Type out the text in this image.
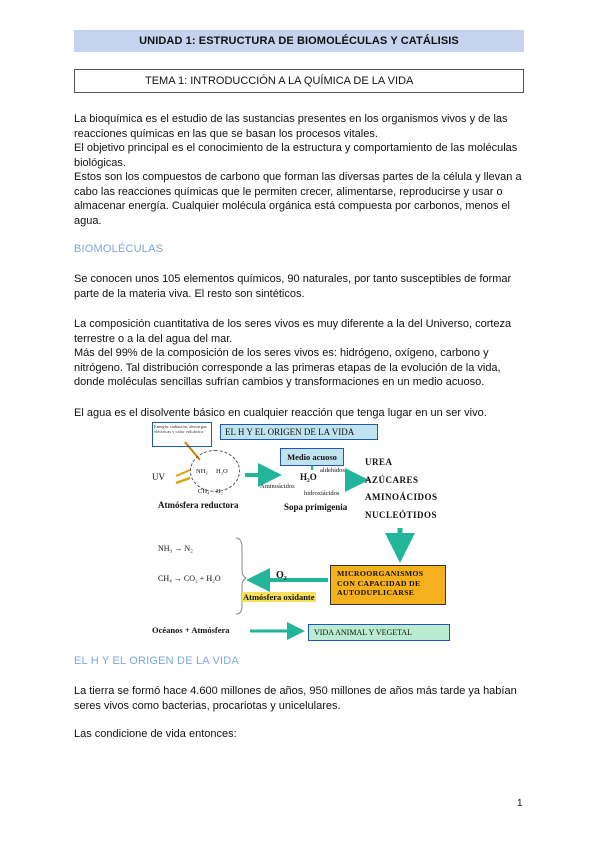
UNIDAD 1: ESTRUCTURA DE BIOMOLÉCULAS Y CATÁLISIS
TEMA 1: INTRODUCCIÓN A LA QUÍMICA DE LA VIDA

La bioquímica es el estudio de las sustancias presentes en los organismos vivos y de las reacciones químicas en las que se basan los procesos vitales.

El objetivo principal es el conocimiento de la estructura y comportamiento de las moléculas biológicas.

Estos son los compuestos de carbono que forman las diversas partes de la célula y llevan a cabo las reacciones químicas que le permiten crecer, alimentarse, reproducirse y usar o almacenar energía. Cualquier molécula orgánica está compuesta por carbonos, menos el agua.

BIOMOLÉCULAS

Se conocen unos 105 elementos químicos, 90 naturales, por tanto susceptibles de formar parte de la materia viva. El resto son sintéticos.

La composición cuantitativa de los seres vivos es muy diferente a la del Universo, corteza terrestre o a la del agua del mar.

Más del 99% de la composición de los seres vivos es: hidrógeno, oxígeno, carbono y nitrógeno. Tal distribución corresponde a las primeras etapas de la evolución de la vida, donde moléculas sencillas sufrían cambios y transformaciones en un medio acuoso.

El agua es el disolvente básico en cualquier reacción que tenga lugar en un ser vivo.

Energía: radiación, descargas eléctricas y calor volcánico	EL H Y EL ORIGEN DE LA VIDA
UV
NH₃ H₂O
CH₄ H₂
Atmósfera reductora
Medio acuoso
H₂O
aldehídos
Aminoácidos
hidroxiácidos
Sopa primigenia
UREA
AZÚCARES
AMINOÁCIDOS
NUCLEÓTIDOS
NH₃ → N₂
CH₄ → CO₂ + H₂O	O₂
Atmósfera oxidante
MICROORGANISMOS
CON CAPACIDAD DE
AUTODUPLICARSE
Océanos + Atmósfera	VIDA ANIMAL Y VEGETAL
EL H Y EL ORIGEN DE LA VIDA

La tierra se formó hace 4.600 millones de años, 950 millones de años más tarde ya habían seres vivos como bacterias, procariotas y unicelulares.

Las condicione de vida entonces:

1
